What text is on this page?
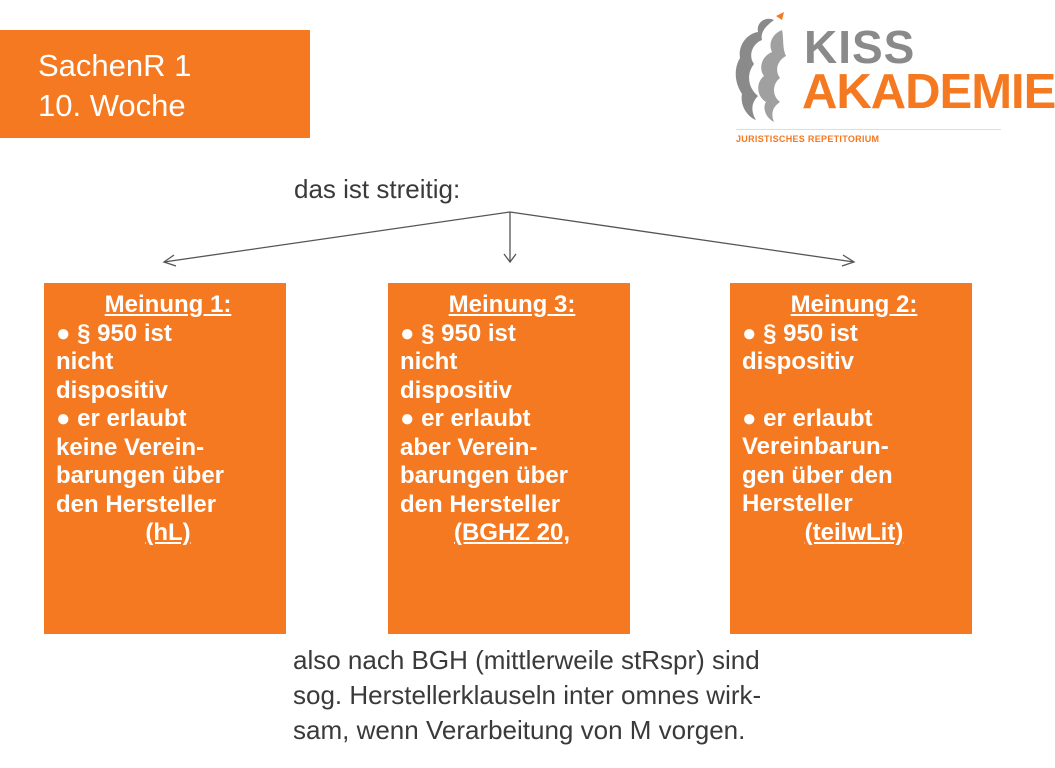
SachenR 1
10. Woche
KISS
AKADEMIE
JURISTISCHES REPETITORIUM
das ist streitig:
Meinung 1:
● § 950 ist
nicht
dispositiv
● er erlaubt
keine Verein-
barungen über
den Hersteller
(hL)
Meinung 3:
● § 950 ist
nicht
dispositiv
● er erlaubt
aber Verein-
barungen über
den Hersteller
(BGHZ 20,
Meinung 2:
● § 950 ist
dispositiv
● er erlaubt
Vereinbarun-
gen über den
Hersteller
(teilwLit)
also nach BGH (mittlerweile stRspr) sind
sog. Herstellerklauseln inter omnes wirk-
sam, wenn Verarbeitung von M vorgen.
